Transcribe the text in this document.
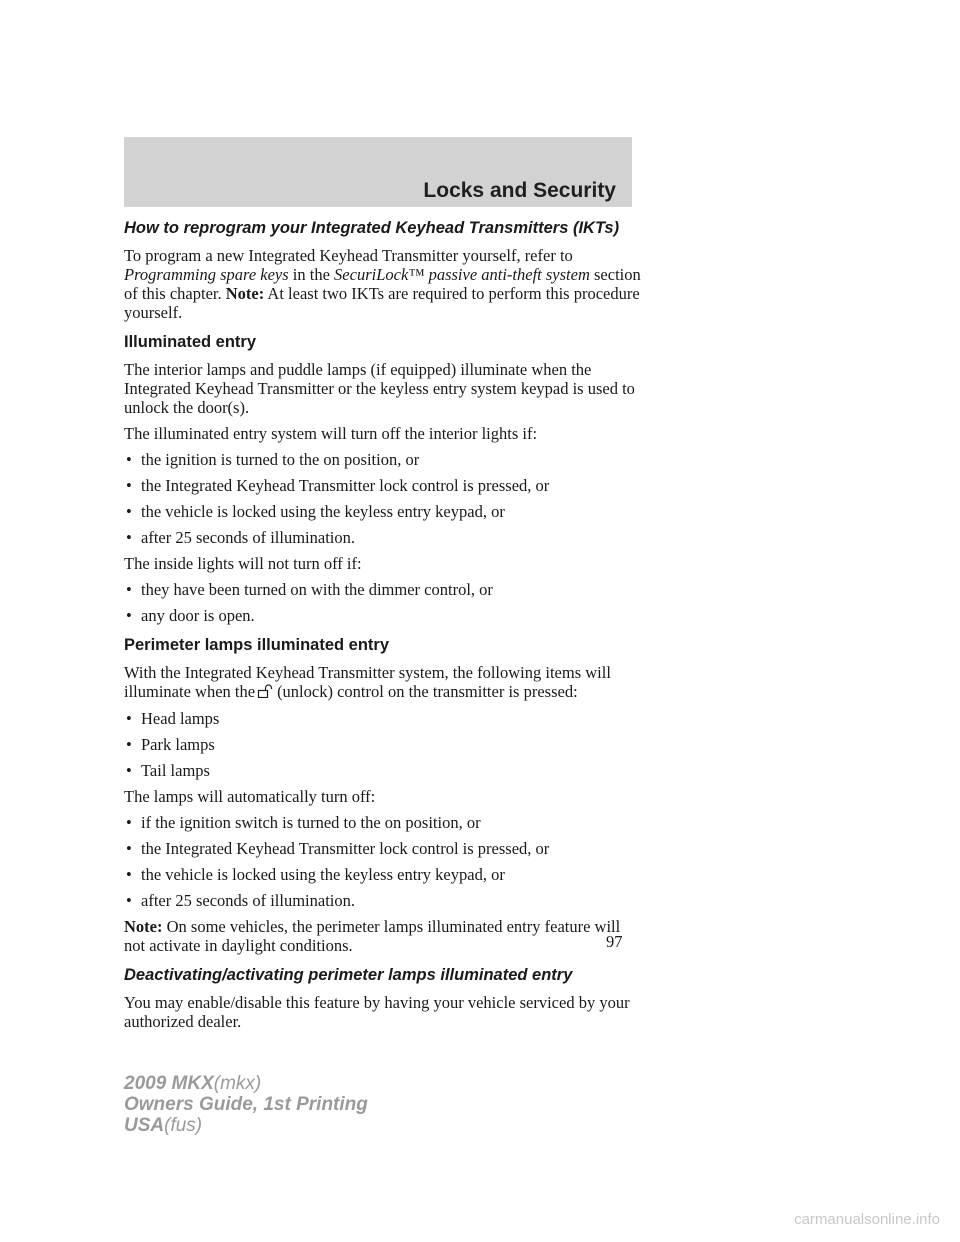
Locks and Security
How to reprogram your Integrated Keyhead Transmitters (IKTs)

To program a new Integrated Keyhead Transmitter yourself, refer to
Programming spare keys in the SecuriLock™ passive anti-theft system section of this chapter. Note: At least two IKTs are required to perform this procedure yourself.

Illuminated entry

The interior lamps and puddle lamps (if equipped) illuminate when the Integrated Keyhead Transmitter or the keyless entry system keypad is used to unlock the door(s).

The illuminated entry system will turn off the interior lights if:

• the ignition is turned to the on position, or
• the Integrated Keyhead Transmitter lock control is pressed, or
• the vehicle is locked using the keyless entry keypad, or
• after 25 seconds of illumination.

The inside lights will not turn off if:

• they have been turned on with the dimmer control, or
• any door is open.
Perimeter lamps illuminated entry

With the Integrated Keyhead Transmitter system, the following items will illuminate when the (unlock) control on the transmitter is pressed:

• Head lamps
• Park lamps
• Tail lamps

The lamps will automatically turn off:

• if the ignition switch is turned to the on position, or
• the Integrated Keyhead Transmitter lock control is pressed, or
• the vehicle is locked using the keyless entry keypad, or
• after 25 seconds of illumination.

Note: On some vehicles, the perimeter lamps illuminated entry feature will not activate in daylight conditions.

Deactivating/activating perimeter lamps illuminated entry

You may enable/disable this feature by having your vehicle serviced by your authorized dealer.

97
2009 MKX(mkx)
Owners Guide, 1st Printing
USA(fus)
carmanualsonline.info
